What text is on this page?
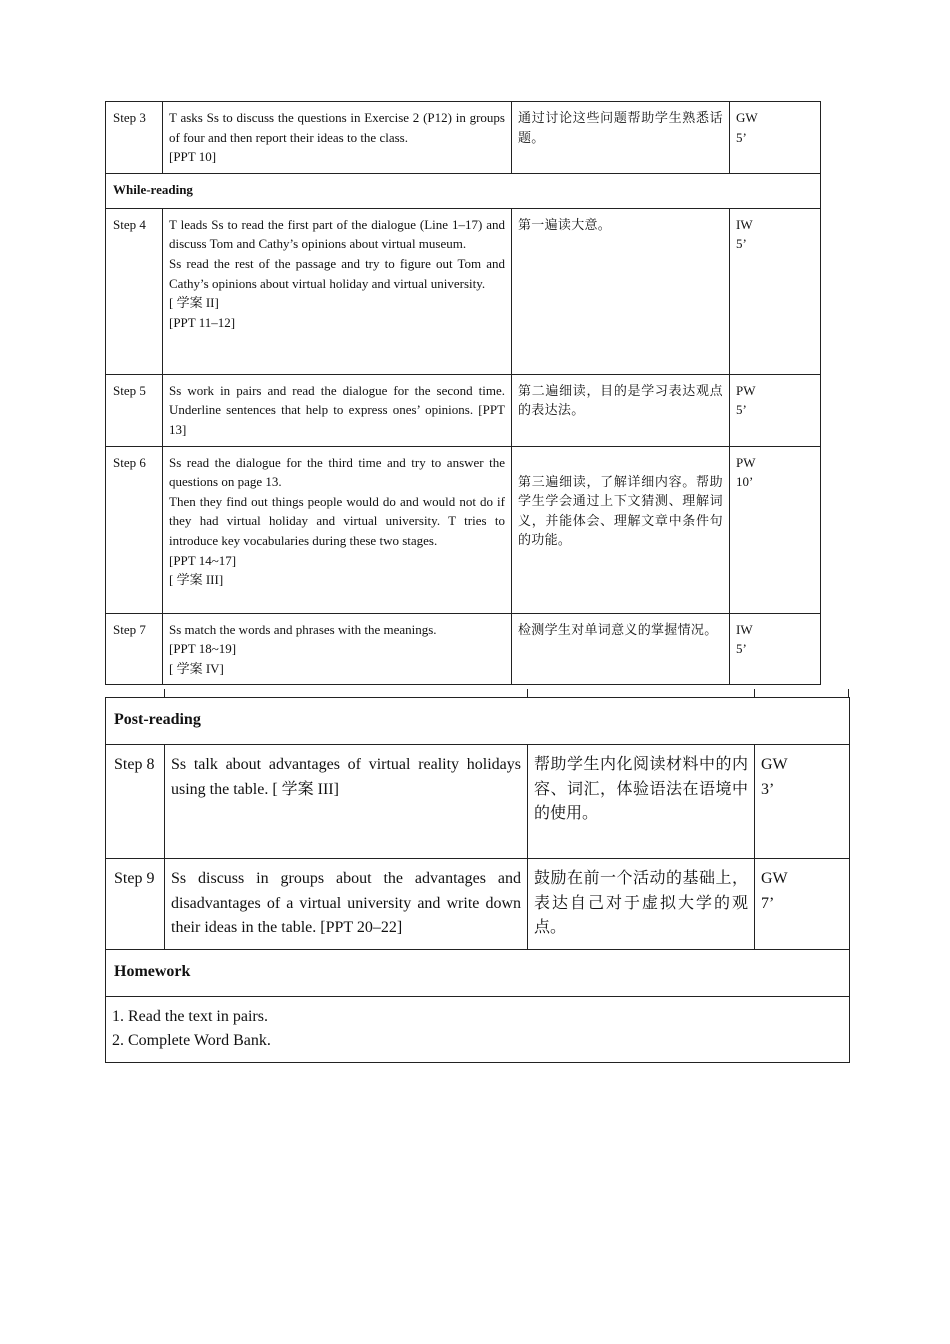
Step 3	T asks Ss to discuss the questions in Exercise 2 (P12) in groups of four and then report their ideas to the class.
[PPT 10]	通过讨论这些问题帮助学生熟悉话题。	GW
5’

While-reading			
Step 4	T leads Ss to read the first part of the dialogue (Line 1–17) and discuss Tom and Cathy’s opinions about virtual museum.
Ss read the rest of the passage and try to figure out Tom and Cathy’s opinions about virtual holiday and virtual university.
[ 学案 II]
[PPT 11–12]	第一遍读大意。	IW
5’

Step 5	Ss work in pairs and read the dialogue for the second time. Underline sentences that help to express ones’ opinions. [PPT 13]	第二遍细读，目的是学习表达观点的表达法。	PW
5’

Step 6	Ss read the dialogue for the third time and try to answer the questions on page 13.
Then they find out things people would do and would not do if they had virtual holiday and virtual university. T tries to introduce key vocabularies during these two stages.
[PPT 14~17]
[ 学案 III]	第三遍细读，了解详细内容。帮助学生学会通过上下文猜测、理解词义，并能体会、理解文章中条件句的功能。	PW
10’

Step 7	Ss match the words and phrases with the meanings.
[PPT 18~19]
[ 学案 IV]	检测学生对单词意义的掌握情况。	IW
5’
Post-reading			
Step 8	Ss talk about advantages of virtual reality holidays using the table. [ 学案 III]	帮助学生内化阅读材料中的内容、词汇，体验语法在语境中的使用。	GW
3’

Step 9	Ss discuss in groups about the advantages and disadvantages of a virtual university and write down their ideas in the table. [PPT 20–22]	鼓励在前一个活动的基础上，表达自己对于虚拟大学的观点。	GW
7’

Homework			

1. Read the text in pairs.
2. Complete Word Bank.			
